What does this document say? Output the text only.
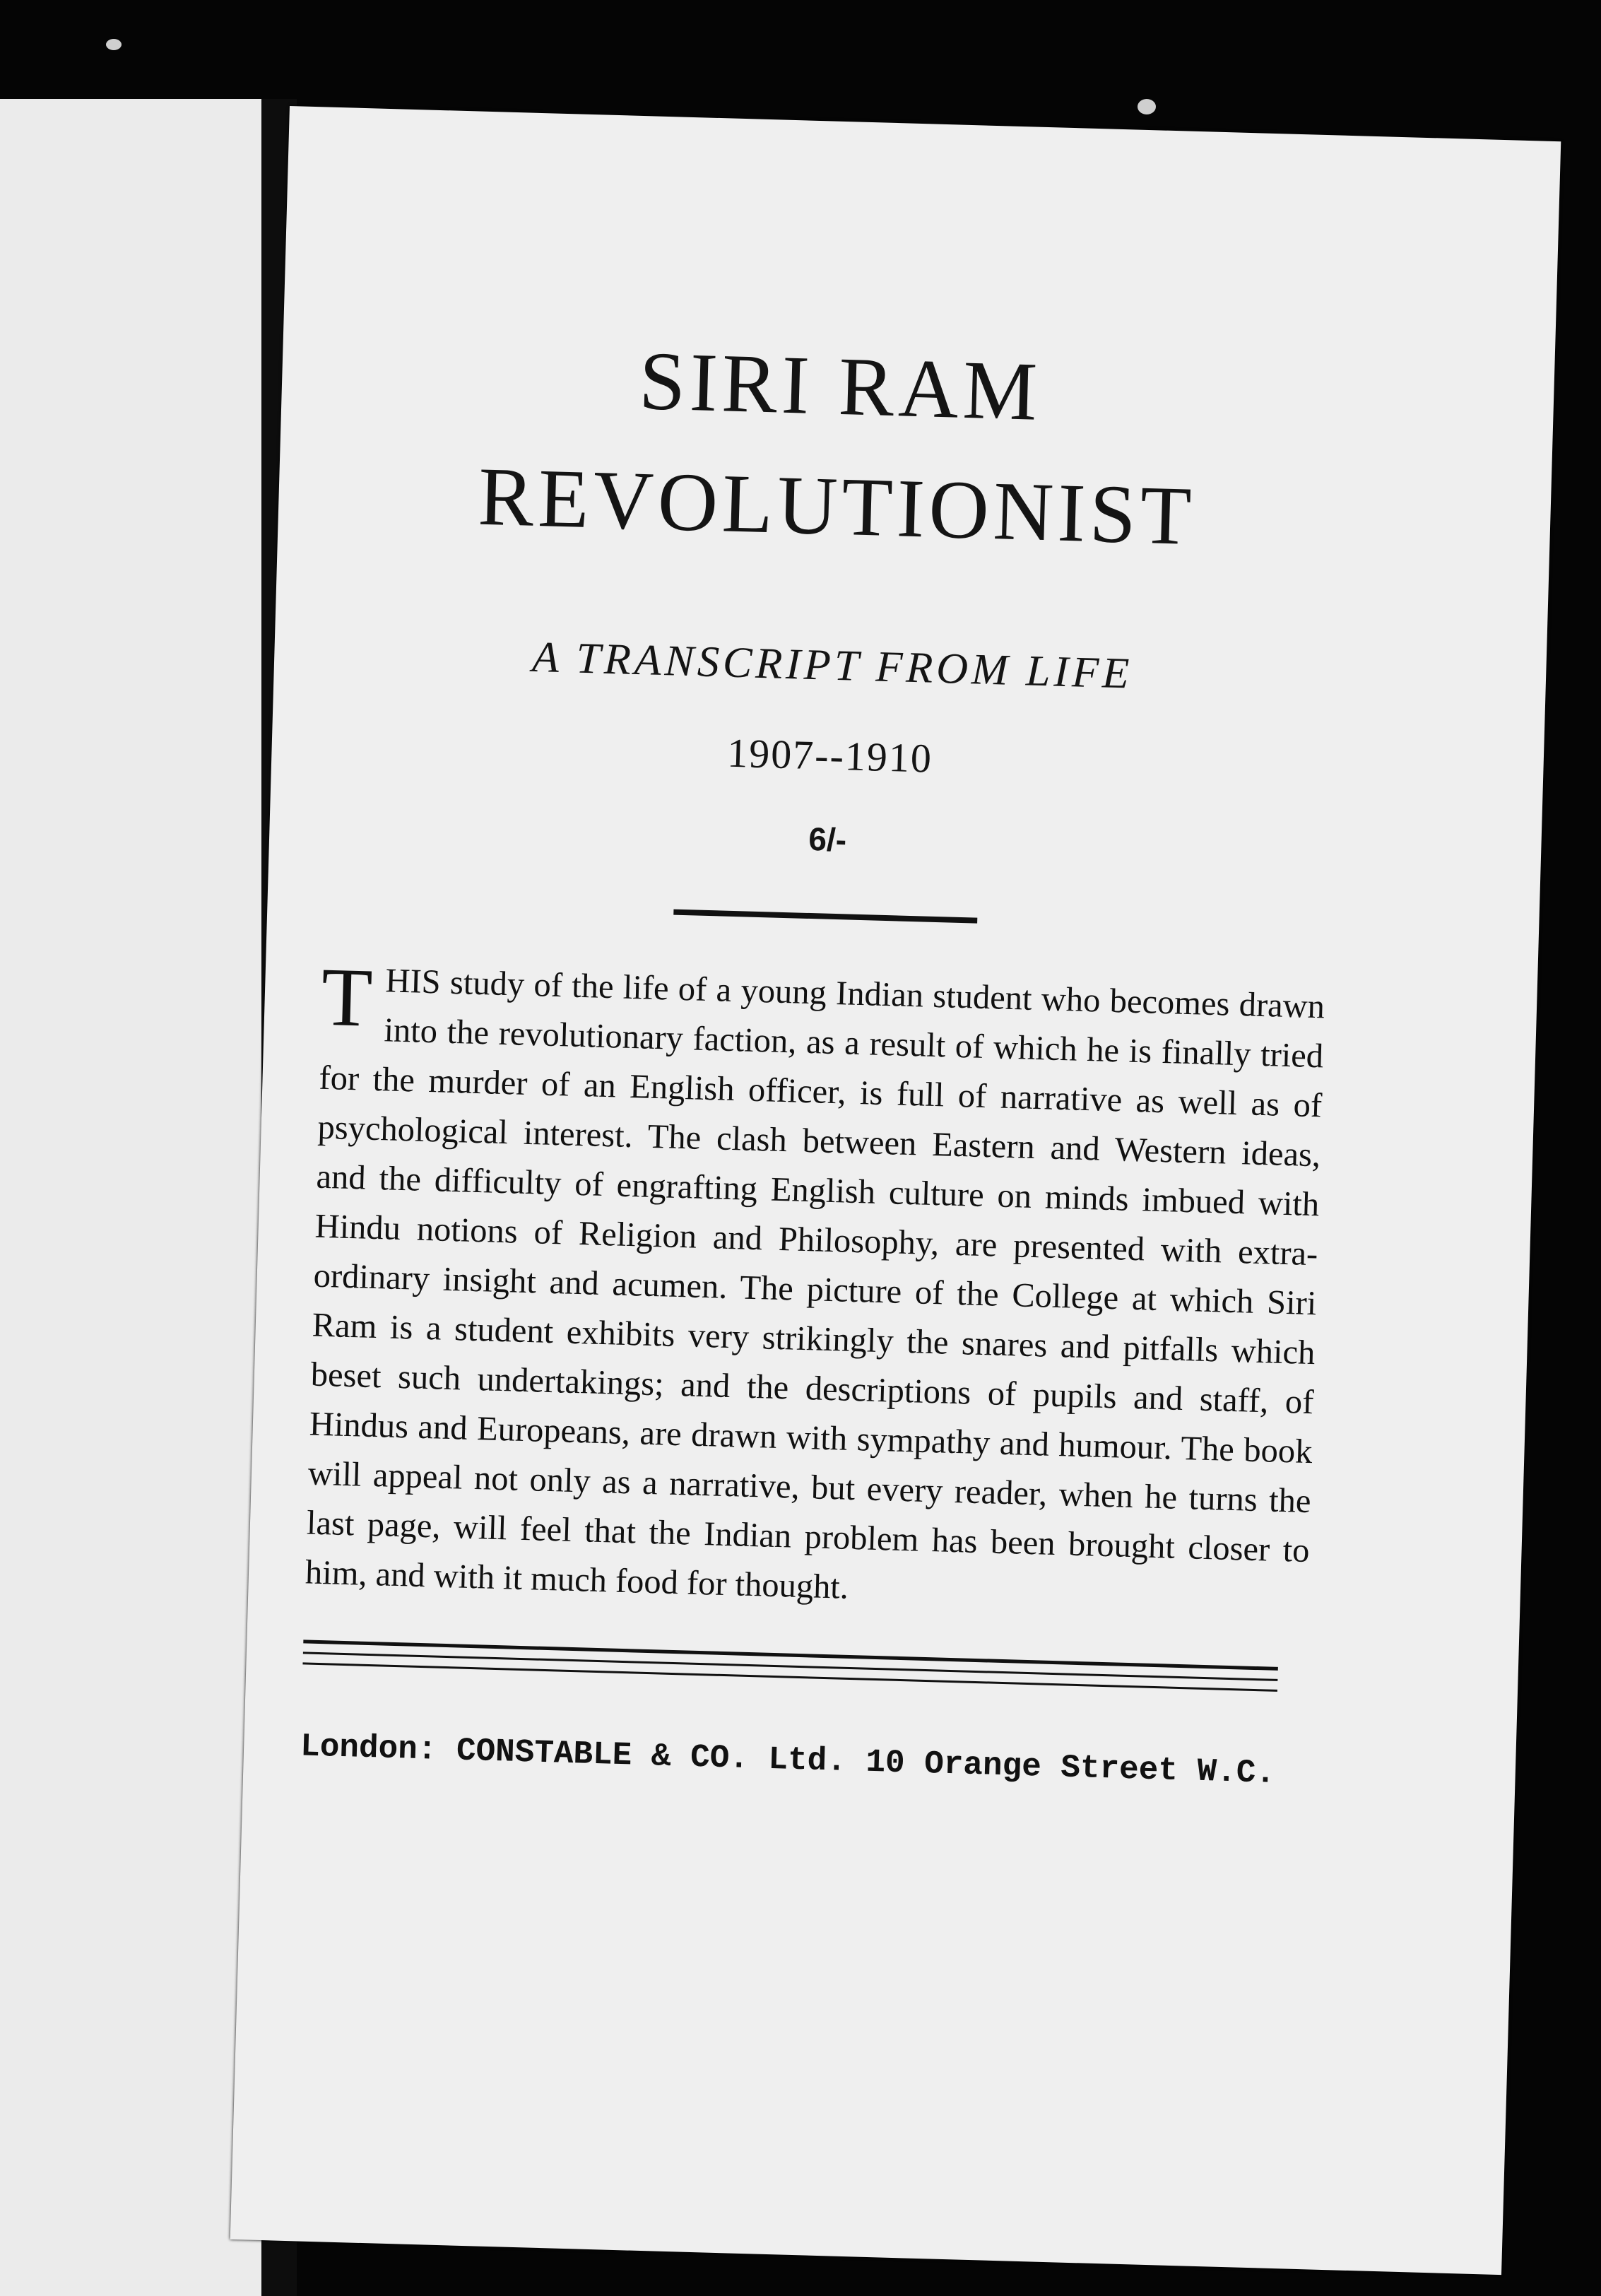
SIRI RAM
REVOLUTIONIST
A TRANSCRIPT FROM LIFE
1907--1910
6/-
THIS study of the life of a young Indian student who becomes drawn into the revolutionary faction, as a result of which he is finally tried for the murder of an English officer, is full of narrative as well as of psychological interest. The clash between Eastern and Western ideas, and the difficulty of engrafting English culture on minds imbued with Hindu notions of Religion and Philosophy, are presented with extra-ordinary insight and acumen. The picture of the College at which Siri Ram is a student exhibits very strikingly the snares and pitfalls which beset such undertakings; and the descriptions of pupils and staff, of Hindus and Europeans, are drawn with sympathy and humour. The book will appeal not only as a narrative, but every reader, when he turns the last page, will feel that the Indian problem has been brought closer to him, and with it much food for thought.
London: CONSTABLE & CO. Ltd. 10 Orange Street W.C.
